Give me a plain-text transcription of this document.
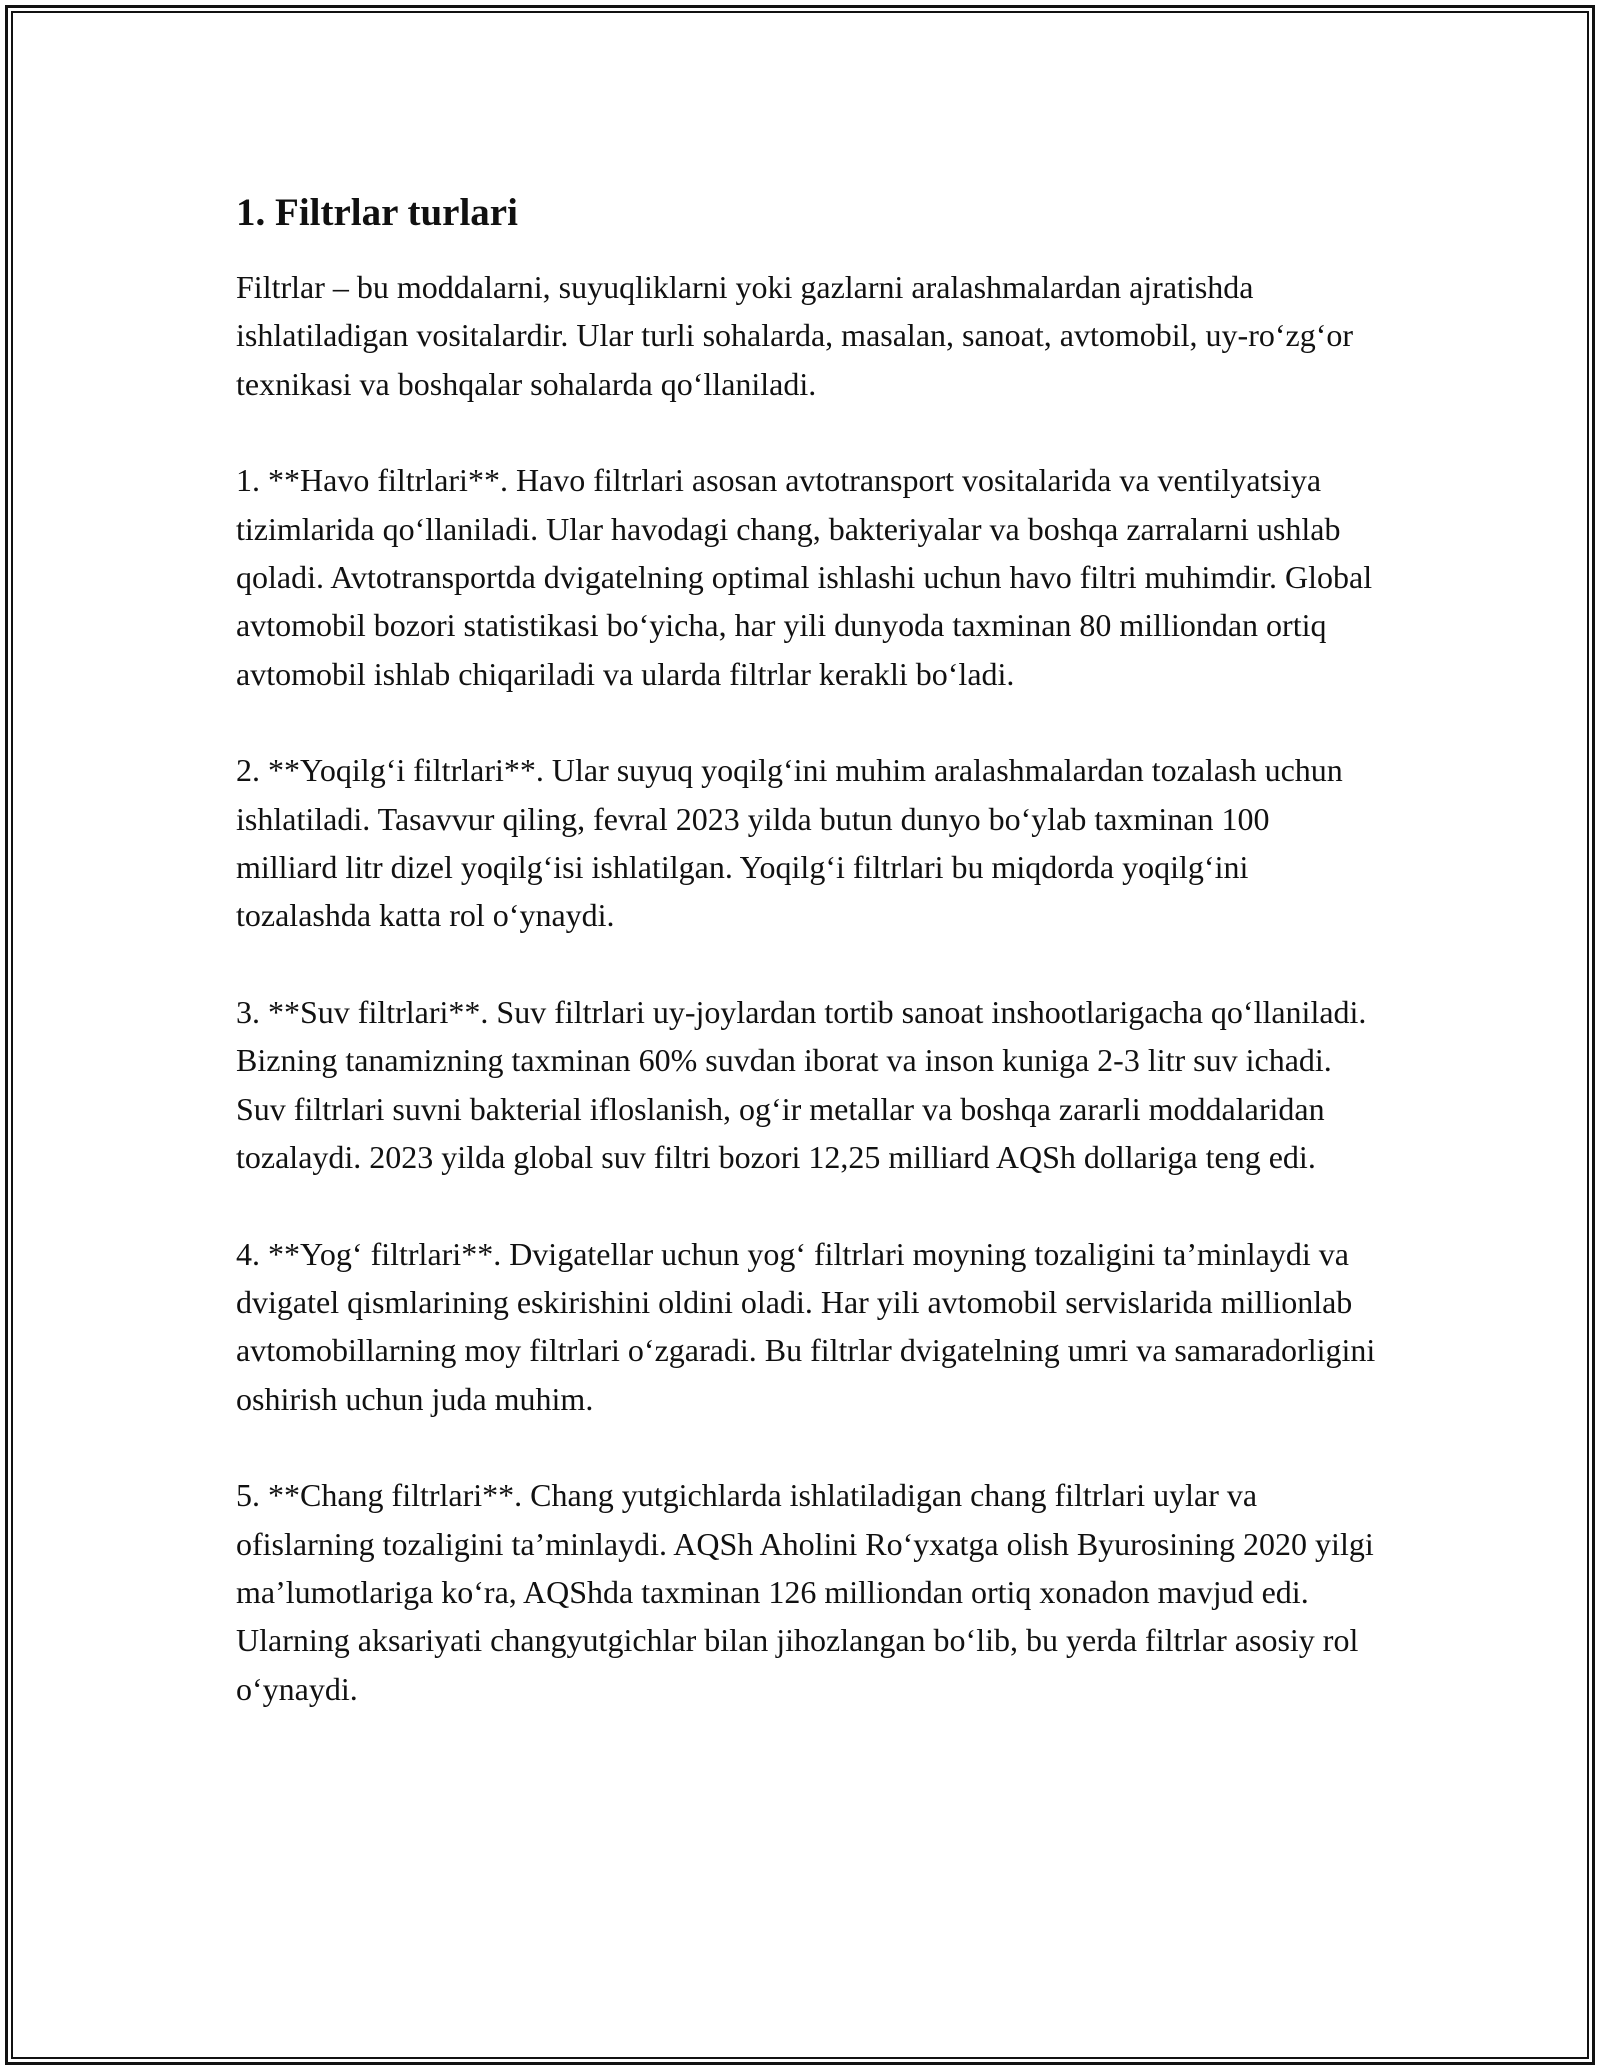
1. Filtrlar turlari

Filtrlar – bu moddalarni, suyuqliklarni yoki gazlarni aralashmalardan ajratishda ishlatiladigan vositalardir. Ular turli sohalarda, masalan, sanoat, avtomobil, uy-ro‘zg‘or texnikasi va boshqalar sohalarda qo‘llaniladi.

1. **Havo filtrlari**. Havo filtrlari asosan avtotransport vositalarida va ventilyatsiya tizimlarida qo‘llaniladi. Ular havodagi chang, bakteriyalar va boshqa zarralarni ushlab qoladi. Avtotransportda dvigatelning optimal ishlashi uchun havo filtri muhimdir. Global avtomobil bozori statistikasi bo‘yicha, har yili dunyoda taxminan 80 milliondan ortiq avtomobil ishlab chiqariladi va ularda filtrlar kerakli bo‘ladi.

2. **Yoqilg‘i filtrlari**. Ular suyuq yoqilg‘ini muhim aralashmalardan tozalash uchun ishlatiladi. Tasavvur qiling, fevral 2023 yilda butun dunyo bo‘ylab taxminan 100 milliard litr dizel yoqilg‘isi ishlatilgan. Yoqilg‘i filtrlari bu miqdorda yoqilg‘ini tozalashda katta rol o‘ynaydi.

3. **Suv filtrlari**. Suv filtrlari uy-joylardan tortib sanoat inshootlarigacha qo‘llaniladi. Bizning tanamizning taxminan 60% suvdan iborat va inson kuniga 2-3 litr suv ichadi. Suv filtrlari suvni bakterial ifloslanish, og‘ir metallar va boshqa zararli moddalaridan tozalaydi. 2023 yilda global suv filtri bozori 12,25 milliard AQSh dollariga teng edi.

4. **Yog‘ filtrlari**. Dvigatellar uchun yog‘ filtrlari moyning tozaligini ta’minlaydi va dvigatel qismlarining eskirishini oldini oladi. Har yili avtomobil servislarida millionlab avtomobillarning moy filtrlari o‘zgaradi. Bu filtrlar dvigatelning umri va samaradorligini oshirish uchun juda muhim.

5. **Chang filtrlari**. Chang yutgichlarda ishlatiladigan chang filtrlari uylar va ofislarning tozaligini ta’minlaydi. AQSh Aholini Ro‘yxatga olish Byurosining 2020 yilgi ma’lumotlariga ko‘ra, AQShda taxminan 126 milliondan ortiq xonadon mavjud edi. Ularning aksariyati changyutgichlar bilan jihozlangan bo‘lib, bu yerda filtrlar asosiy rol o‘ynaydi.
